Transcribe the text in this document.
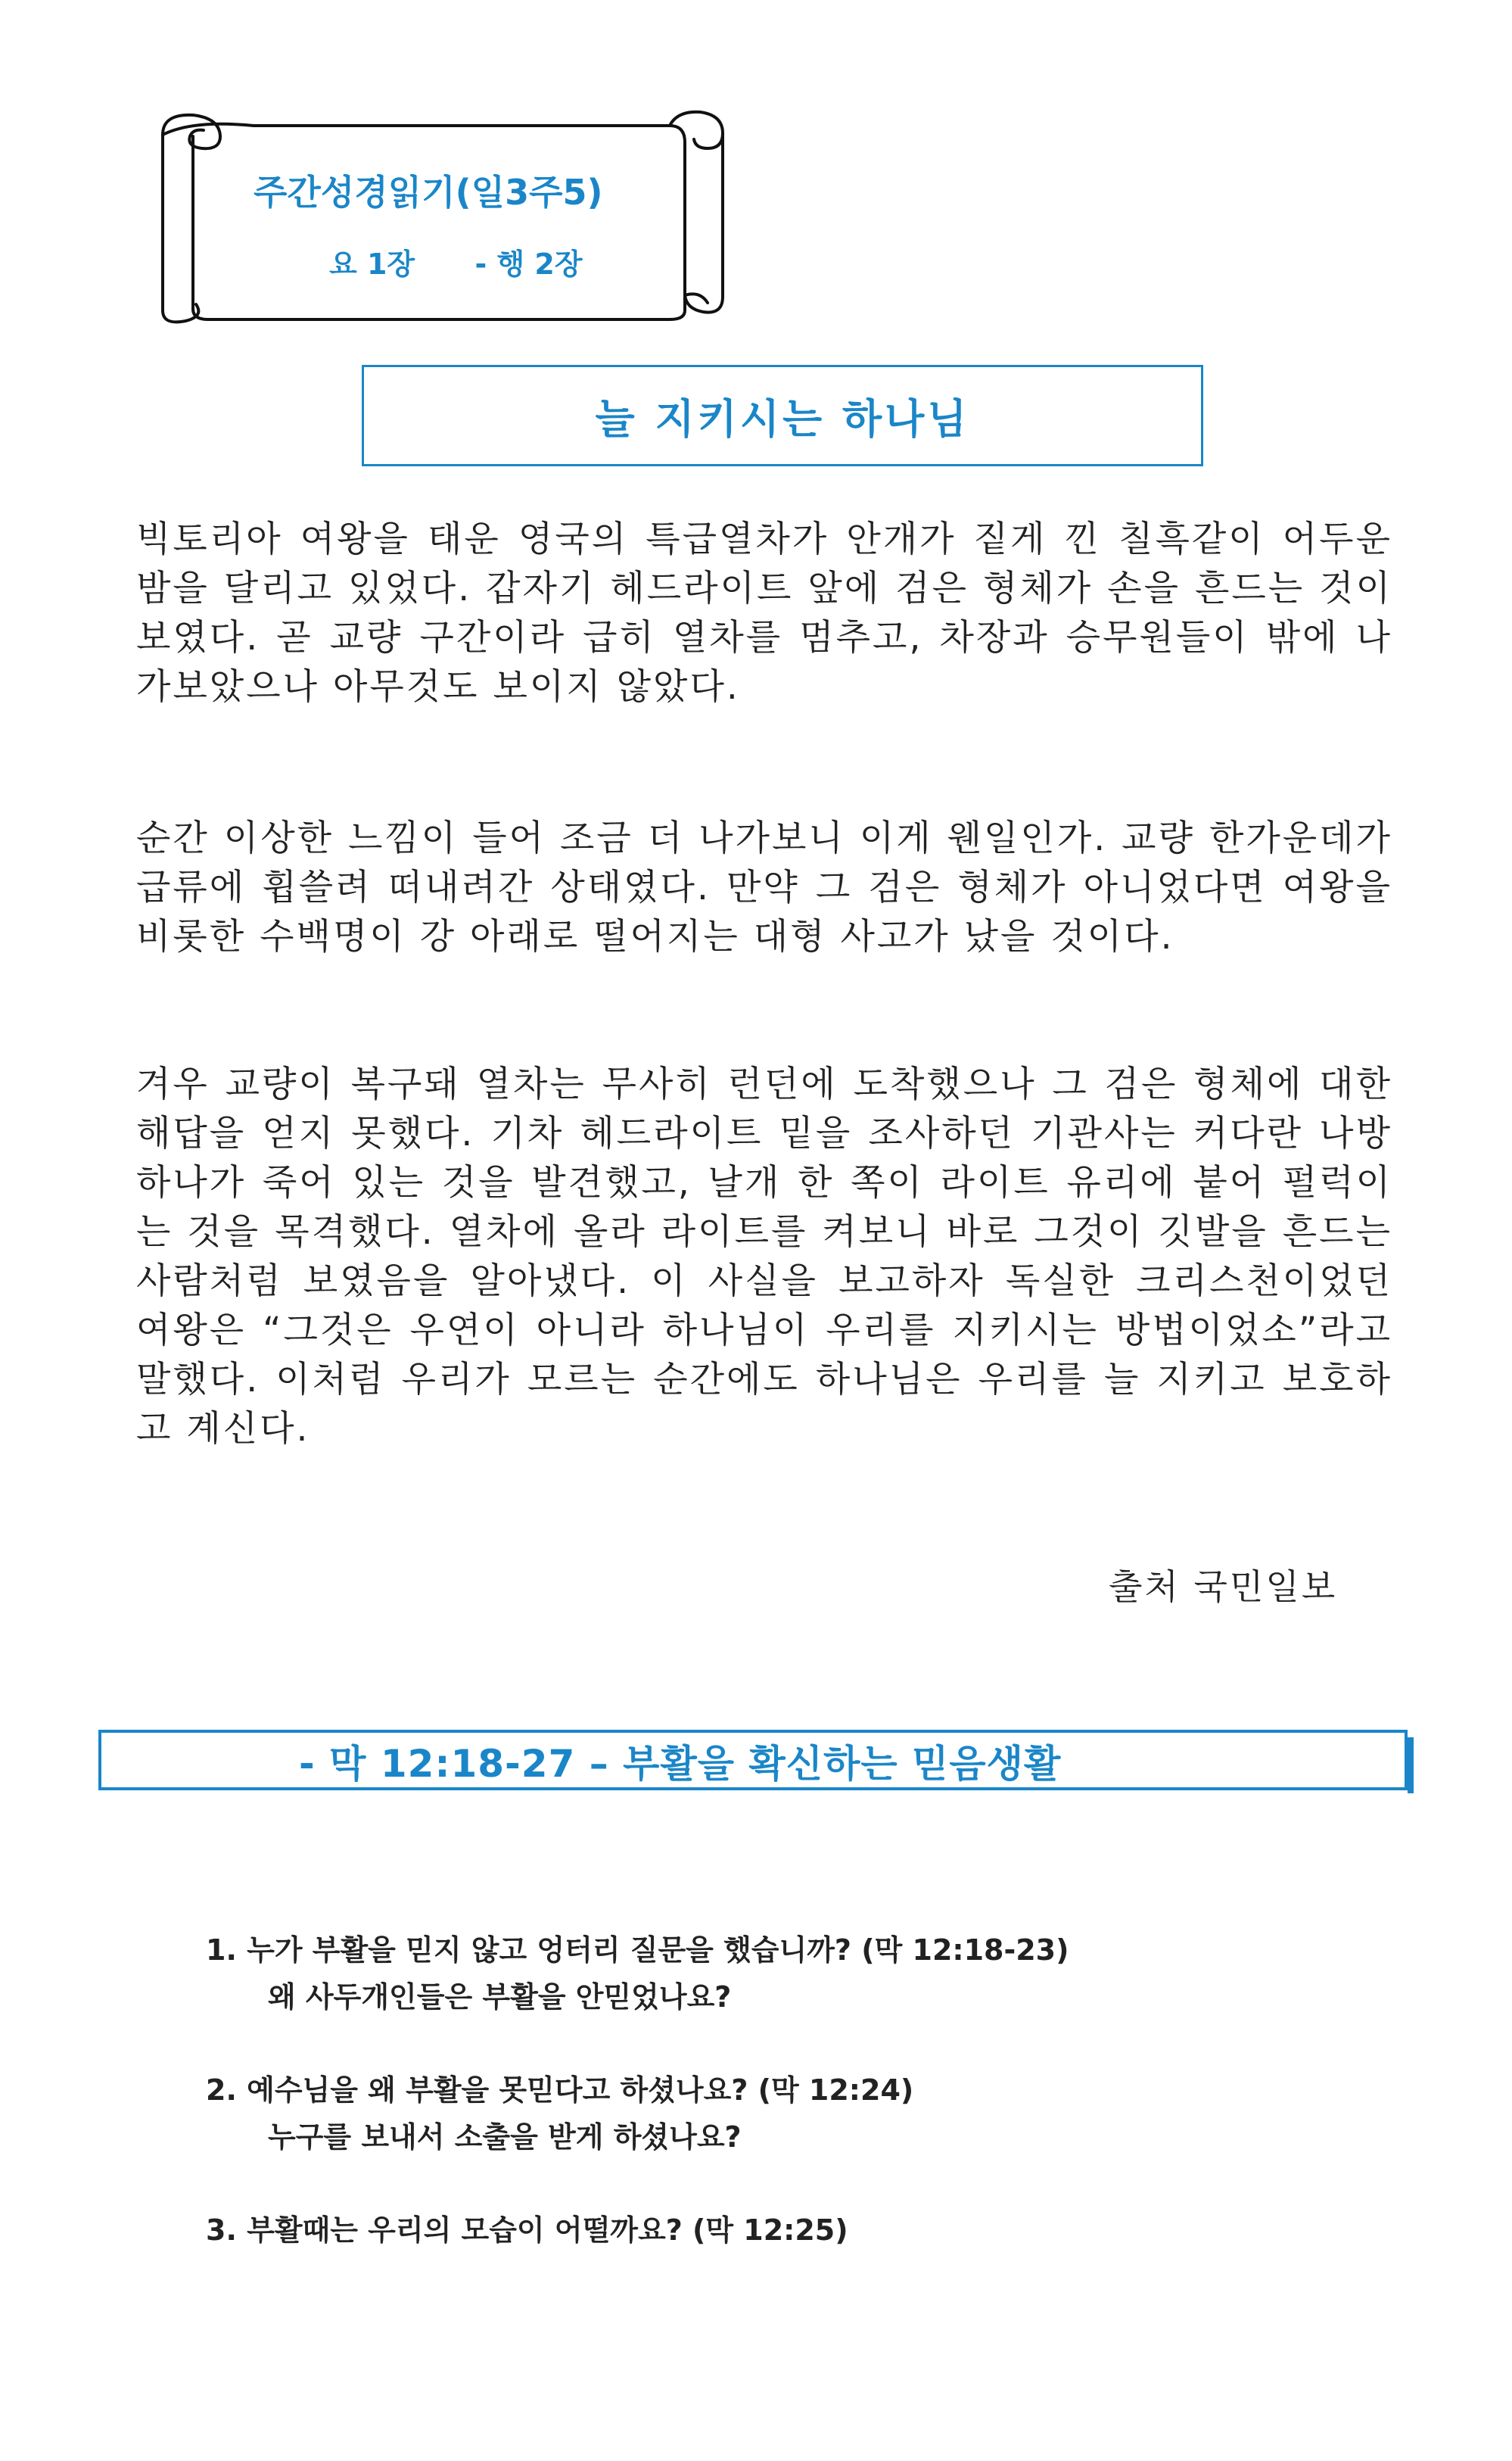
주간성경읽기(일3주5)
요 1장      - 행 2장
늘 지키시는 하나님
빅토리아 여왕을 태운 영국의 특급열차가 안개가 짙게 낀 칠흑같이 어두운 밤을 달리고 있었다. 갑자기 헤드라이트 앞에 검은 형체가 손을 흔드는 것이 보였다. 곧 교량 구간이라 급히 열차를 멈추고, 차장과 승무원들이 밖에 나가보았으나 아무것도 보이지 않았다.
순간 이상한 느낌이 들어 조금 더 나가보니 이게 웬일인가. 교량 한가운데가 급류에 휩쓸려 떠내려간 상태였다. 만약 그 검은 형체가 아니었다면 여왕을 비롯한 수백명이 강 아래로 떨어지는 대형 사고가 났을 것이다.
겨우 교량이 복구돼 열차는 무사히 런던에 도착했으나 그 검은 형체에 대한 해답을 얻지 못했다. 기차 헤드라이트 밑을 조사하던 기관사는 커다란 나방 하나가 죽어 있는 것을 발견했고, 날개 한 쪽이 라이트 유리에 붙어 펄럭이는 것을 목격했다. 열차에 올라 라이트를 켜보니 바로 그것이 깃발을 흔드는 사람처럼 보였음을 알아냈다. 이 사실을 보고하자 독실한 크리스천이었던 여왕은 “그것은 우연이 아니라 하나님이 우리를 지키시는 방법이었소”라고 말했다. 이처럼 우리가 모르는 순간에도 하나님은 우리를 늘 지키고 보호하고 계신다.
출처 국민일보
- 막 12:18-27 – 부활을 확신하는 믿음생활
1. 누가 부활을 믿지 않고 엉터리 질문을 했습니까? (막 12:18-23)
왜 사두개인들은 부활을 안믿었나요?
2. 예수님을 왜 부활을 못믿다고 하셨나요? (막 12:24)
누구를 보내서 소출을 받게 하셨나요?
3. 부활때는 우리의 모습이 어떨까요? (막 12:25)
